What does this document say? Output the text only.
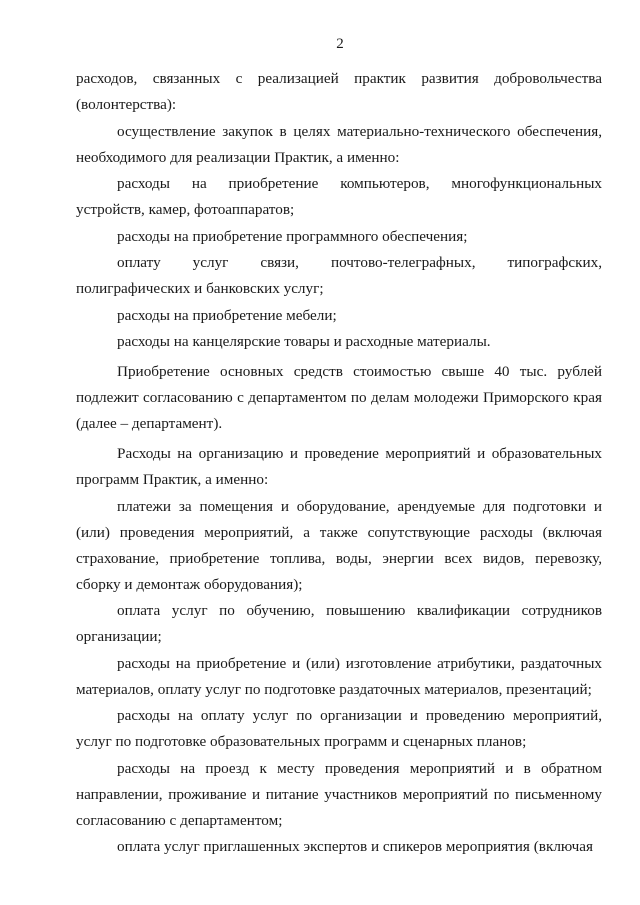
2

расходов, связанных с реализацией практик развития добровольчества (волонтерства):

осуществление закупок в целях материально-технического обеспечения, необходимого для реализации Практик, а именно:

расходы на приобретение компьютеров, многофункциональных устройств, камер, фотоаппаратов;

расходы на приобретение программного обеспечения;

оплату услуг связи, почтово-телеграфных, типографских, полиграфических и банковских услуг;

расходы на приобретение мебели;

расходы на канцелярские товары и расходные материалы.

Приобретение основных средств стоимостью свыше 40 тыс. рублей подлежит согласованию с департаментом по делам молодежи Приморского края (далее – департамент).

Расходы на организацию и проведение мероприятий и образовательных программ Практик, а именно:

платежи за помещения и оборудование, арендуемые для подготовки и (или) проведения мероприятий, а также сопутствующие расходы (включая страхование, приобретение топлива, воды, энергии всех видов, перевозку, сборку и демонтаж оборудования);

оплата услуг по обучению, повышению квалификации сотрудников организации;

расходы на приобретение и (или) изготовление атрибутики, раздаточных материалов, оплату услуг по подготовке раздаточных материалов, презентаций;

расходы на оплату услуг по организации и проведению мероприятий, услуг по подготовке образовательных программ и сценарных планов;

расходы на проезд к месту проведения мероприятий и в обратном направлении, проживание и питание участников мероприятий по письменному согласованию с департаментом;

оплата услуг приглашенных экспертов и спикеров мероприятия (включая
